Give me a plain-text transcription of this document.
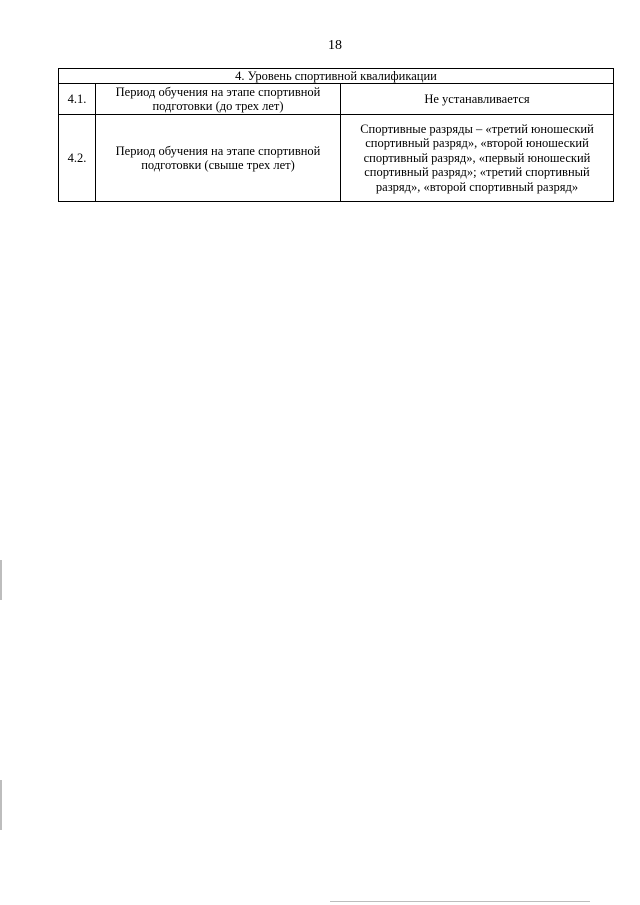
18
4. Уровень спортивной квалификации		
4.1.	Период обучения на этапе спортивной подготовки (до трех лет)	Не устанавливается
4.2.	Период обучения на этапе спортивной подготовки (свыше трех лет)	Спортивные разряды – «третий юношеский спортивный разряд», «второй юношеский спортивный разряд», «первый юношеский спортивный разряд»; «третий спортивный разряд», «второй спортивный разряд»
